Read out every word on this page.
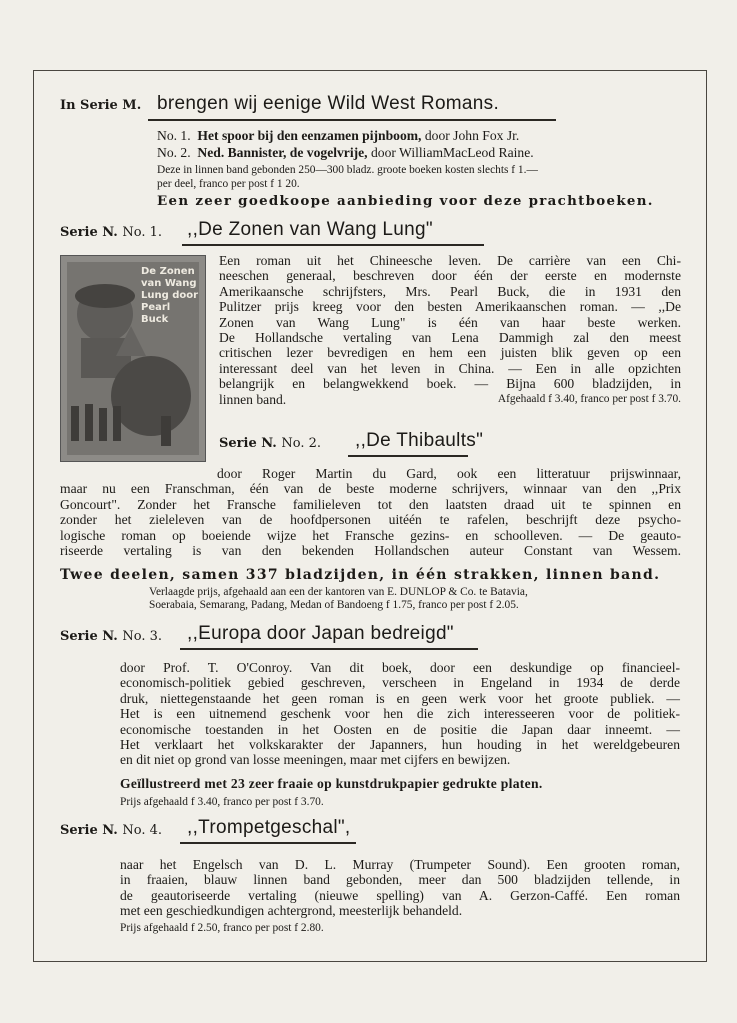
In Serie M. brengen wij eenige Wild West Romans.
No. 1. Het spoor bij den eenzamen pijnboom, door John Fox Jr.
No. 2. Ned. Bannister, de vogelvrije, door WilliamMacLeod Raine.
Deze in linnen band gebonden 250—300 bladz. groote boeken kosten slechts f 1.—
per deel, franco per post f 1 20.
Een zeer goedkoope aanbieding voor deze prachtboeken.
Serie N. No. 1. ,,De Zonen van Wang Lung"
De Zonen van Wang Lung door Pearl Buck
Een roman uit het Chineesche leven. De carrière van een Chi-
neeschen generaal, beschreven door één der eerste en modernste
Amerikaansche schrijfsters, Mrs. Pearl Buck, die in 1931 den
Pulitzer prijs kreeg voor den besten Amerikaanschen roman. — ,,De
Zonen van Wang Lung" is één van haar beste werken.
De Hollandsche vertaling van Lena Dammigh zal den meest
critischen lezer bevredigen en hem een juisten blik geven op een
interessant deel van het leven in China. — Een in alle opzichten
belangrijk en belangwekkend boek. — Bijna 600 bladzijden, in
linnen band.	Afgehaald f 3.40, franco per post f 3.70.
Serie N. No. 2. ,,De Thibaults"
door Roger Martin du Gard, ook een litteratuur prijswinnaar,
maar nu een Franschman, één van de beste moderne schrijvers, winnaar van den ,,Prix
Goncourt". Zonder het Fransche familieleven tot den laatsten draad uit te spinnen en
zonder het zieleleven van de hoofdpersonen uitéén te rafelen, beschrijft deze psycho-
logische roman op boeiende wijze het Fransche gezins- en schoolleven. — De geauto-
riseerde vertaling is van den bekenden Hollandschen auteur Constant van Wessem.
Twee deelen, samen 337 bladzijden, in één strakken, linnen band.
Verlaagde prijs, afgehaald aan een der kantoren van E. DUNLOP & Co. te Batavia,
Soerabaia, Semarang, Padang, Medan of Bandoeng f 1.75, franco per post f 2.05.
Serie N. No. 3. ,,Europa door Japan bedreigd"
door Prof. T. O'Conroy. Van dit boek, door een deskundige op financieel-
economisch-politiek gebied geschreven, verscheen in Engeland in 1934 de derde
druk, niettegenstaande het geen roman is en geen werk voor het groote publiek. —
Het is een uitnemend geschenk voor hen die zich interesseeren voor de politiek-
economische toestanden in het Oosten en de positie die Japan daar inneemt. —
Het verklaart het volkskarakter der Japanners, hun houding in het wereldgebeuren
en dit niet op grond van losse meeningen, maar met cijfers en bewijzen.
Geïllustreerd met 23 zeer fraaie op kunstdrukpapier gedrukte platen.
Prijs afgehaald f 3.40, franco per post f 3.70.
Serie N. No. 4. ,,Trompetgeschal",
naar het Engelsch van D. L. Murray (Trumpeter Sound). Een grooten roman,
in fraaien, blauw linnen band gebonden, meer dan 500 bladzijden tellende, in
de geautoriseerde vertaling (nieuwe spelling) van A. Gerzon-Caffé. Een roman
met een geschiedkundigen achtergrond, meesterlijk behandeld.
Prijs afgehaald f 2.50, franco per post f 2.80.
